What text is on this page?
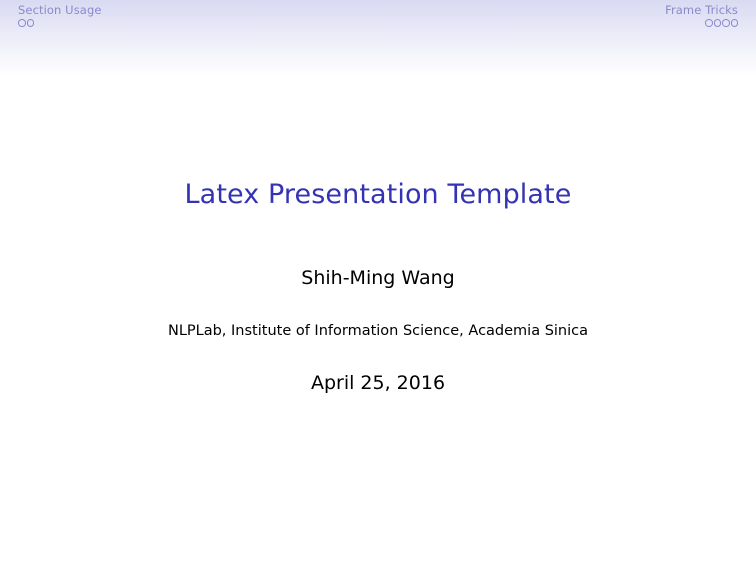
Section Usage	Frame Tricks
Latex Presentation Template
Shih-Ming Wang
NLPLab, Institute of Information Science, Academia Sinica
April 25, 2016
